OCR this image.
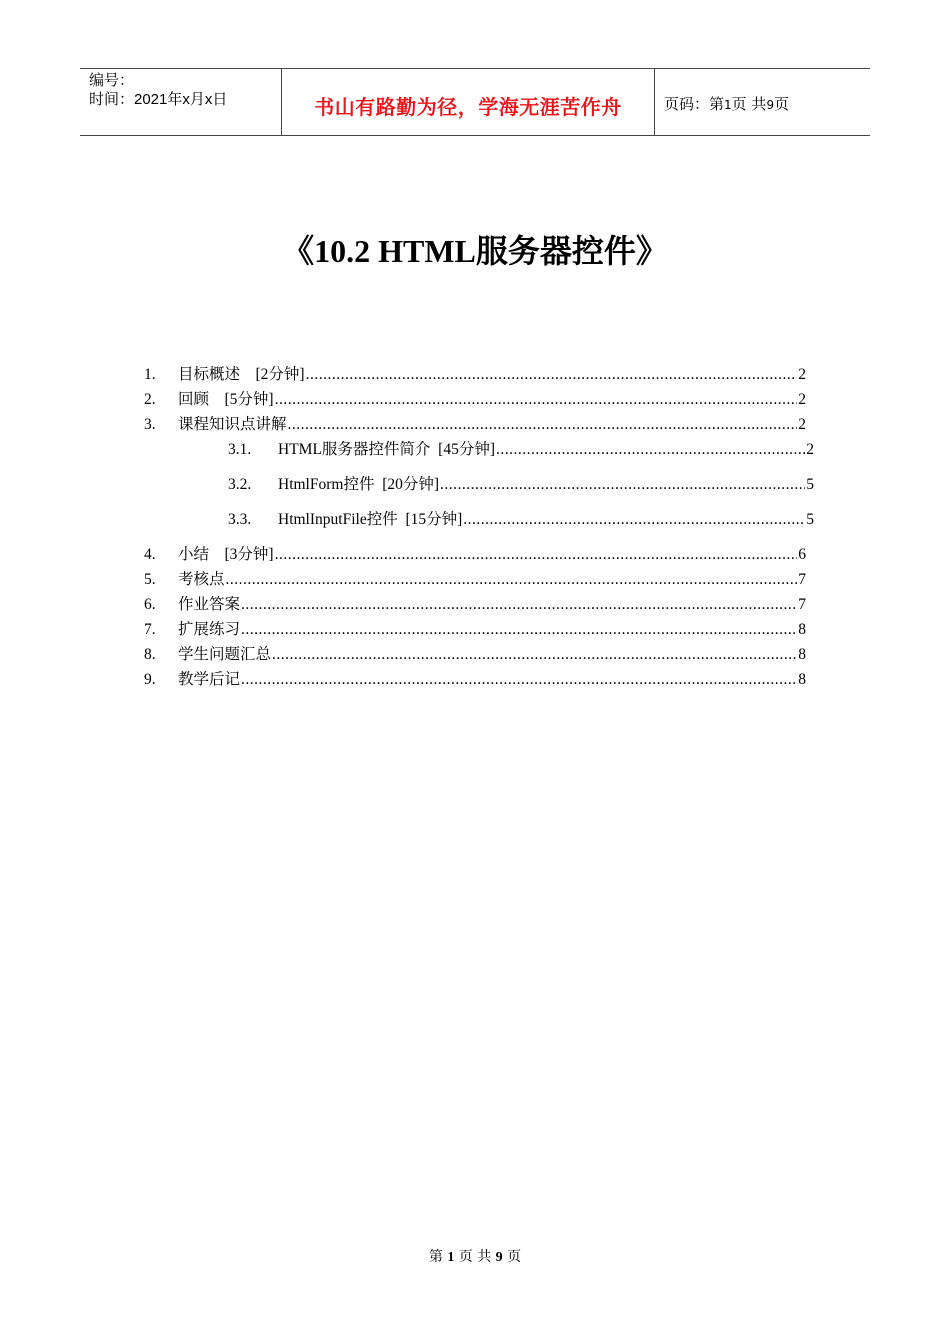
编号：
时间：2021年x月x日	书山有路勤为径，学海无涯苦作舟	页码：第1页 共9页
《10.2 HTML服务器控件》
1.	目标概述    [2分钟] .....	2
2.	回顾    [5分钟] .....	2
3.	课程知识点讲解 .....	2
3.1.	HTML服务器控件简介  [45分钟] .....	2
3.2.	HtmlForm控件  [20分钟] .....	5
3.3.	HtmlInputFile控件  [15分钟] .....	5
4.	小结    [3分钟] .....	6
5.	考核点 .....	7
6.	作业答案 .....	7
7.	扩展练习 .....	8
8.	学生问题汇总 .....	8
9.	教学后记 .....	8
第 1 页 共 9 页
